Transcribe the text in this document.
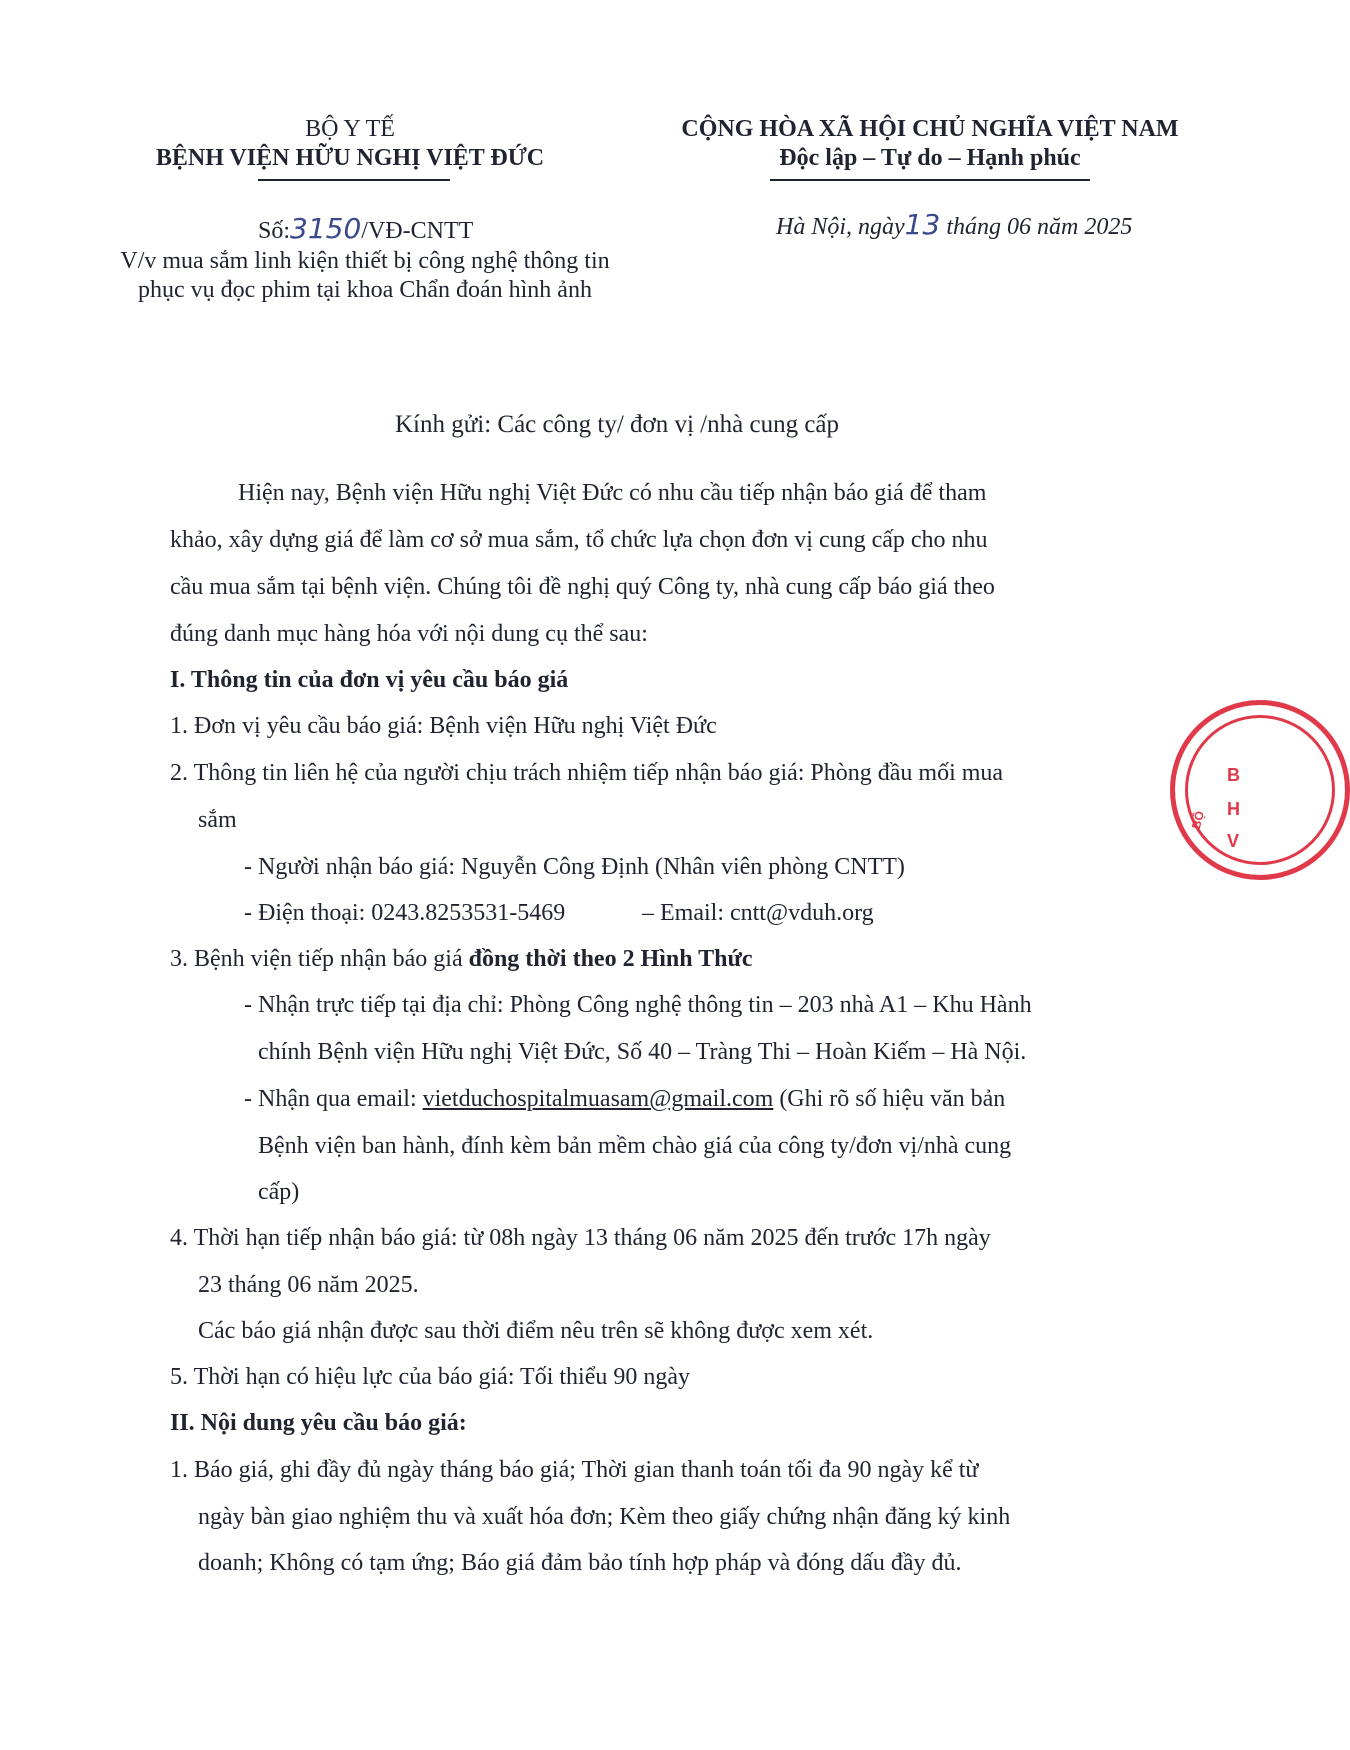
BỘ Y TẾ
BỆNH VIỆN HỮU NGHỊ VIỆT ĐỨC
CỘNG HÒA XÃ HỘI CHỦ NGHĨA VIỆT NAM
Độc lập – Tự do – Hạnh phúc
Số:3150/VĐ-CNTT
V/v mua sắm linh kiện thiết bị công nghệ thông tin
phục vụ đọc phim tại khoa Chẩn đoán hình ảnh
Hà Nội, ngày13 tháng 06 năm 2025
Kính gửi: Các công ty/ đơn vị /nhà cung cấp
Hiện nay, Bệnh viện Hữu nghị Việt Đức có nhu cầu tiếp nhận báo giá để tham
khảo, xây dựng giá để làm cơ sở mua sắm, tổ chức lựa chọn đơn vị cung cấp cho nhu
cầu mua sắm tại bệnh viện. Chúng tôi đề nghị quý Công ty, nhà cung cấp báo giá theo
đúng danh mục hàng hóa với nội dung cụ thể sau:
I. Thông tin của đơn vị yêu cầu báo giá
1. Đơn vị yêu cầu báo giá: Bệnh viện Hữu nghị Việt Đức
2. Thông tin liên hệ của người chịu trách nhiệm tiếp nhận báo giá: Phòng đầu mối mua
sắm
- Người nhận báo giá: Nguyễn Công Định (Nhân viên phòng CNTT)
- Điện thoại: 0243.8253531-5469	– Email: cntt@vduh.org
3. Bệnh viện tiếp nhận báo giá đồng thời theo 2 Hình Thức
- Nhận trực tiếp tại địa chỉ: Phòng Công nghệ thông tin – 203 nhà A1 – Khu Hành
chính Bệnh viện Hữu nghị Việt Đức, Số 40 – Tràng Thi – Hoàn Kiếm – Hà Nội.
- Nhận qua email: vietduchospitalmuasam@gmail.com (Ghi rõ số hiệu văn bản
Bệnh viện ban hành, đính kèm bản mềm chào giá của công ty/đơn vị/nhà cung
cấp)
4. Thời hạn tiếp nhận báo giá: từ 08h ngày 13 tháng 06 năm 2025 đến trước 17h ngày
23 tháng 06 năm 2025.
Các báo giá nhận được sau thời điểm nêu trên sẽ không được xem xét.
5. Thời hạn có hiệu lực của báo giá: Tối thiểu 90 ngày
II. Nội dung yêu cầu báo giá:
1. Báo giá, ghi đầy đủ ngày tháng báo giá; Thời gian thanh toán tối đa 90 ngày kể từ
ngày bàn giao nghiệm thu và xuất hóa đơn; Kèm theo giấy chứng nhận đăng ký kinh
doanh; Không có tạm ứng; Báo giá đảm bảo tính hợp pháp và đóng dấu đầy đủ.
B
H
V
BỘ
